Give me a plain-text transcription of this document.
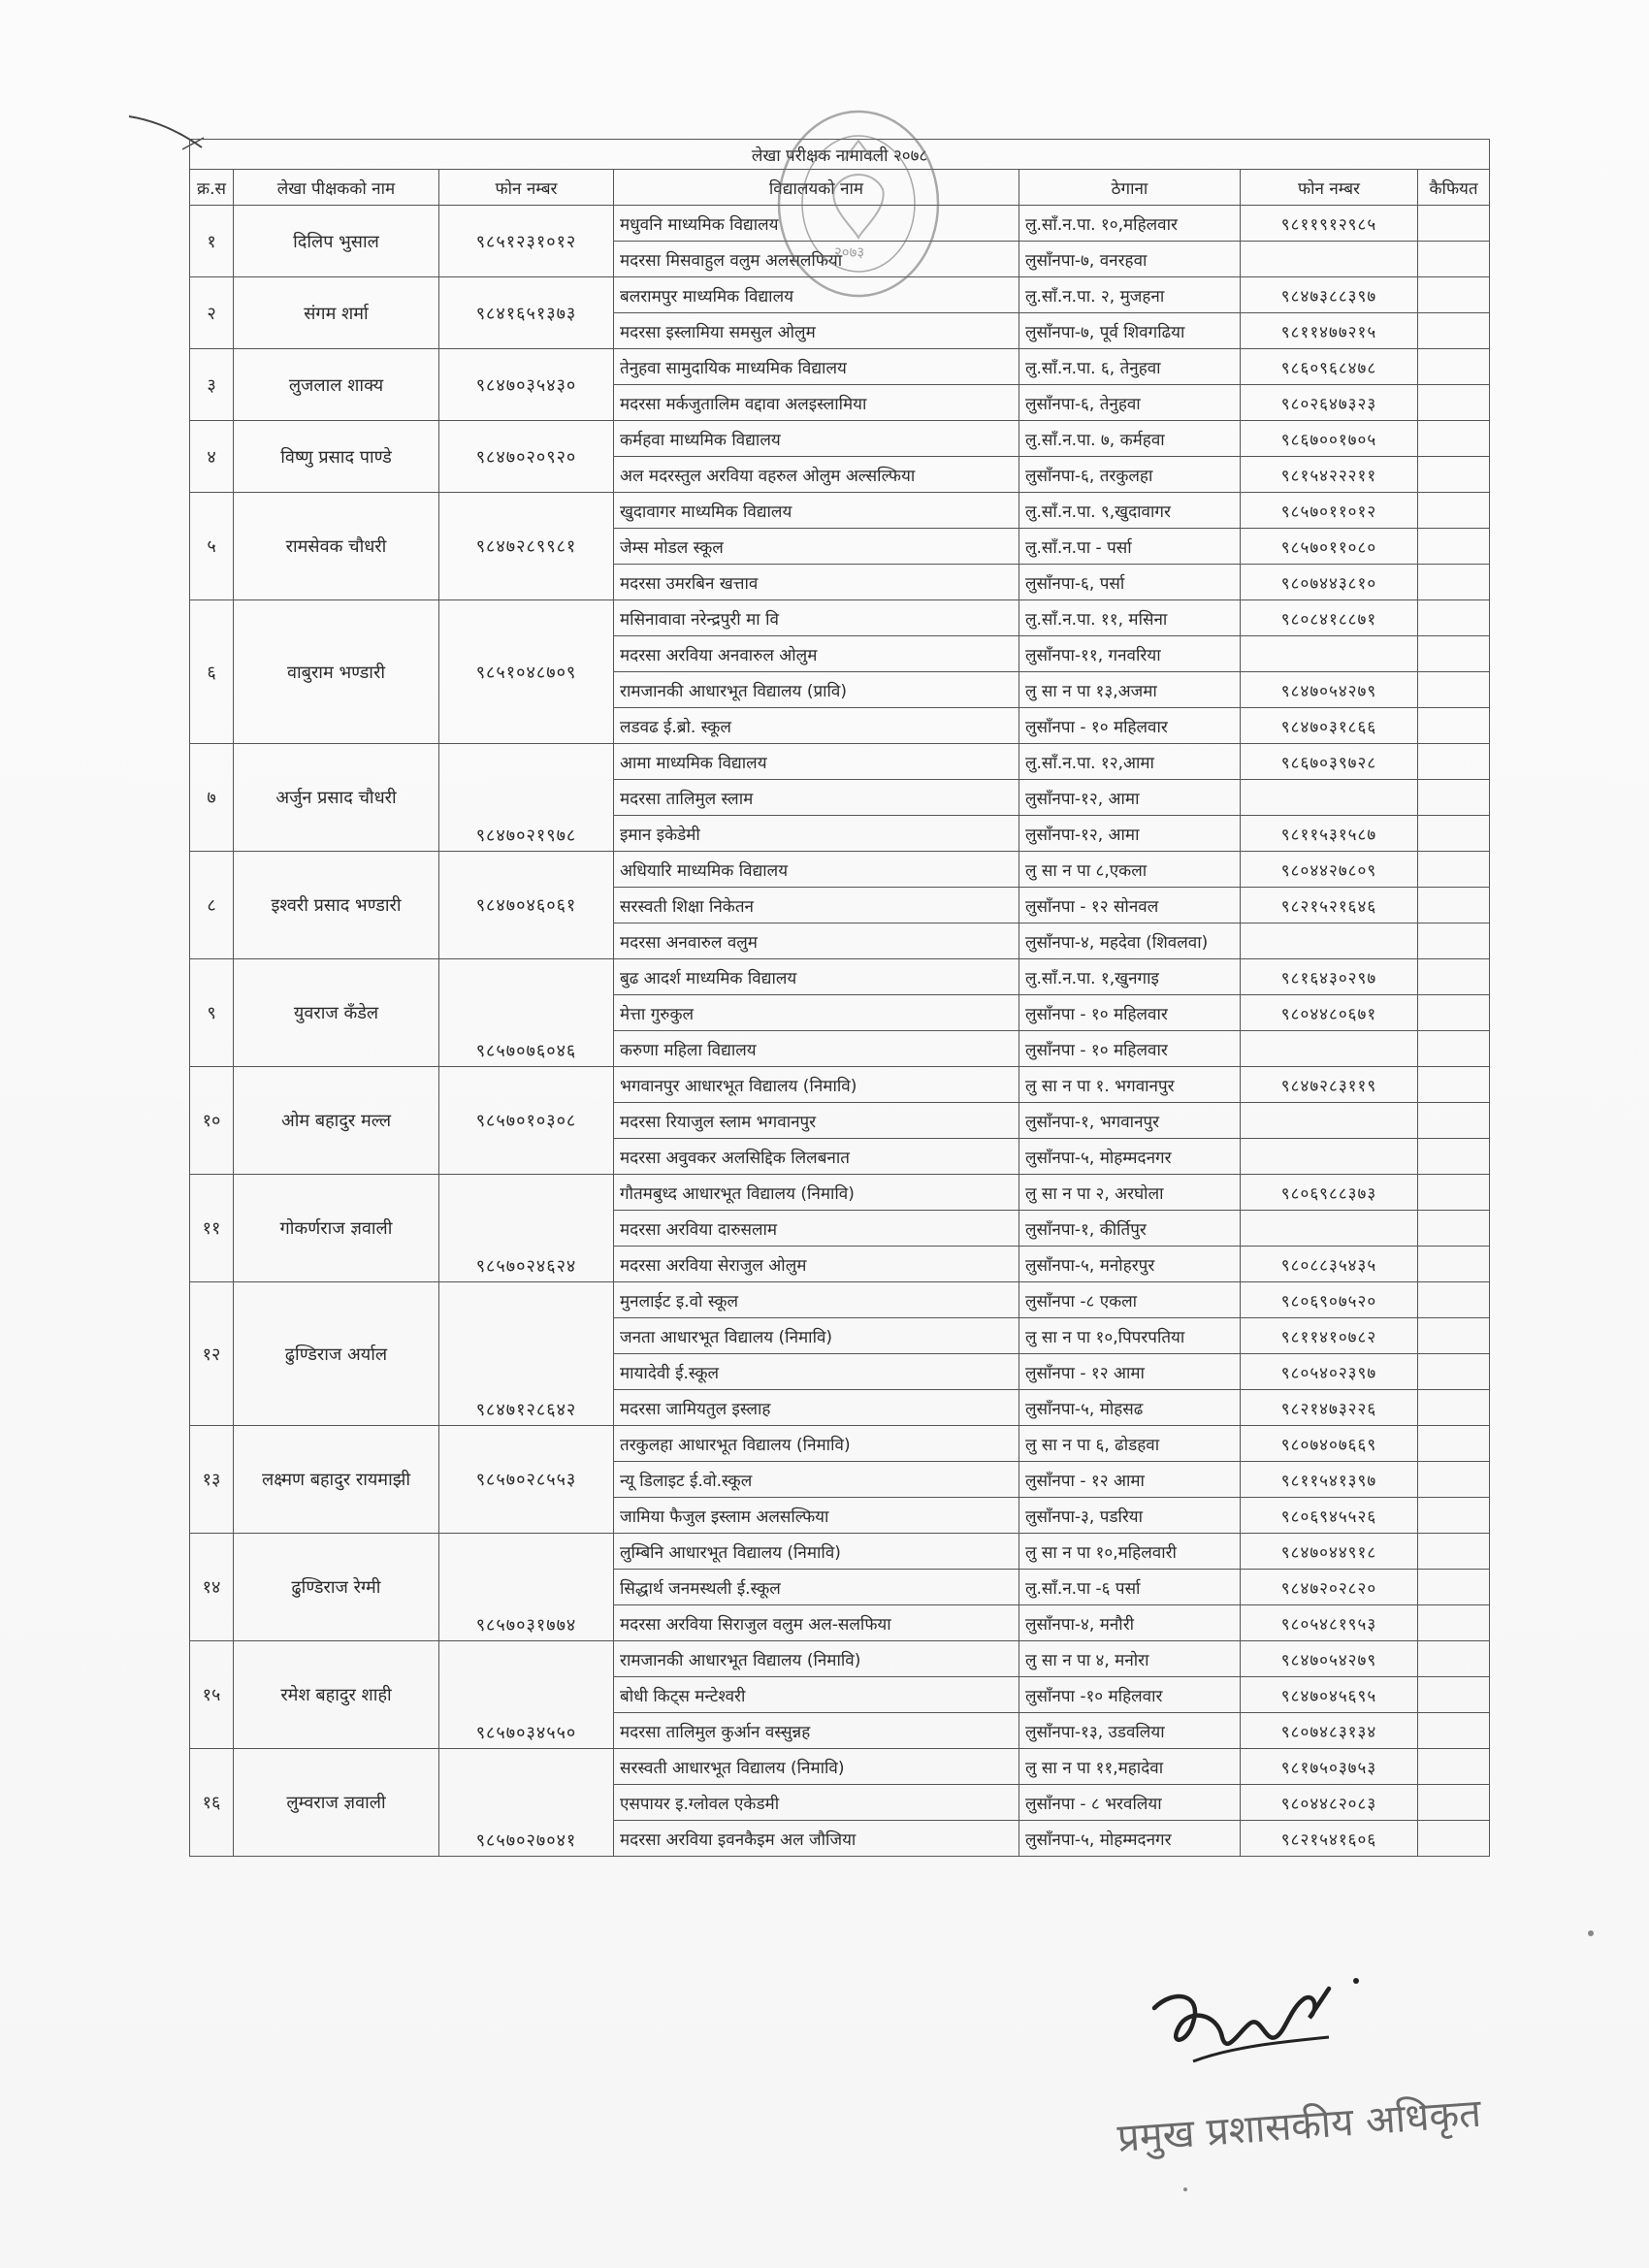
लेखा परीक्षक नामावली २०७८						
क्र.स	लेखा पीक्षकको नाम	फोन नम्बर	विद्यालयको नाम	ठेगाना	फोन नम्बर	कैफियत
१	दिलिप भुसाल	९८५१२३१०१२	मधुवनि माध्यमिक विद्यालय	लु.साँ.न.पा. १०,महिलवार	९८११९१२९८५	
			मदरसा मिसवाहुल वलुम अलसलफिया	लुसाँनपा-७, वनरहवा		
२	संगम शर्मा	९८४१६५१३७३	बलरामपुर माध्यमिक विद्यालय	लु.साँ.न.पा. २, मुजहना	९८४७३८८३९७	
			मदरसा इस्लामिया समसुल ओलुम	लुसाँनपा-७, पूर्व शिवगढिया	९८११४७७२१५	
३	लुजलाल शाक्य	९८४७०३५४३०	तेनुहवा सामुदायिक माध्यमिक विद्यालय	लु.साँ.न.पा. ६, तेनुहवा	९८६०९६८४७८	
			मदरसा मर्कजुतालिम वद्दावा अलइस्लामिया	लुसाँनपा-६, तेनुहवा	९८०२६४७३२३	
४	विष्णु प्रसाद पाण्डे	९८४७०२०९२०	कर्महवा माध्यमिक विद्यालय	लु.साँ.न.पा. ७, कर्महवा	९८६७००१७०५	
			अल मदरस्तुल अरविया वहरुल ओलुम अल्सल्फिया	लुसाँनपा-६, तरकुलहा	९८१५४२२२११	
५	रामसेवक चौधरी	९८४७२८९९८१	खुदावागर माध्यमिक विद्यालय	लु.साँ.न.पा. ९,खुदावागर	९८५७०११०१२	
			जेम्स मोडल स्कूल	लु.साँ.न.पा - पर्सा	९८५७०११०८०	
			मदरसा उमरबिन खत्ताव	लुसाँनपा-६, पर्सा	९८०७४४३८१०	
६	वाबुराम भण्डारी	९८५१०४८७०९	मसिनावावा नरेन्द्रपुरी मा वि	लु.साँ.न.पा. ११, मसिना	९८०८४१८८७१	
			मदरसा अरविया अनवारुल ओलुम	लुसाँनपा-११, गनवरिया		
			रामजानकी आधारभूत विद्यालय (प्रावि)	लु सा न पा १३,अजमा	९८४७०५४२७९	
			लडवढ ई.ब्रो. स्कूल	लुसाँनपा - १० महिलवार	९८४७०३१८६६	
७	अर्जुन प्रसाद चौधरी	९८४७०२१९७८	आमा माध्यमिक विद्यालय	लु.साँ.न.पा. १२,आमा	९८६७०३९७२८	
			मदरसा तालिमुल स्लाम	लुसाँनपा-१२, आमा		
			इमान इकेडेमी	लुसाँनपा-१२, आमा	९८११५३१५८७	
८	इश्वरी प्रसाद भण्डारी	९८४७०४६०६१	अधियारि माध्यमिक विद्यालय	लु सा न पा ८,एकला	९८०४४२७८०९	
			सरस्वती शिक्षा निकेतन	लुसाँनपा - १२ सोनवल	९८२१५२१६४६	
			मदरसा अनवारुल वलुम	लुसाँनपा-४, महदेवा (शिवलवा)		
९	युवराज कँडेल	९८५७०७६०४६	बुढ आदर्श माध्यमिक विद्यालय	लु.साँ.न.पा. १,खुनगाइ	९८१६४३०२९७	
			मेत्ता गुरुकुल	लुसाँनपा - १० महिलवार	९८०४४८०६७१	
			करुणा महिला विद्यालय	लुसाँनपा - १० महिलवार		
१०	ओम बहादुर मल्ल	९८५७०१०३०८	भगवानपुर आधारभूत विद्यालय (निमावि)	लु सा न पा १. भगवानपुर	९८४७२८३११९	
			मदरसा रियाजुल स्लाम भगवानपुर	लुसाँनपा-१, भगवानपुर		
			मदरसा अवुवकर अलसिद्दिक लिलबनात	लुसाँनपा-५, मोहम्मदनगर		
११	गोकर्णराज ज्ञवाली	९८५७०२४६२४	गौतमबुध्द आधारभूत विद्यालय (निमावि)	लु सा न पा २, अरघोला	९८०६९८८३७३	
			मदरसा अरविया दारुसलाम	लुसाँनपा-१, कीर्तिपुर		
			मदरसा अरविया सेराजुल ओलुम	लुसाँनपा-५, मनोहरपुर	९८०८८३५४३५	
१२	ढुण्डिराज अर्याल	९८४७१२८६४२	मुनलाईट इ.वो स्कूल	लुसाँनपा -८ एकला	९८०६९०७५२०	
			जनता आधारभूत विद्यालय (निमावि)	लु सा न पा १०,पिपरपतिया	९८११४१०७८२	
			मायादेवी ई.स्कूल	लुसाँनपा - १२ आमा	९८०५४०२३९७	
			मदरसा जामियतुल इस्लाह	लुसाँनपा-५, मोहसढ	९८२१४७३२२६	
१३	लक्ष्मण बहादुर रायमाझी	९८५७०२८५५३	तरकुलहा आधारभूत विद्यालय (निमावि)	लु सा न पा ६, ढोडहवा	९८०७४०७६६९	
			न्यू डिलाइट ई.वो.स्कूल	लुसाँनपा - १२ आमा	९८११५४१३९७	
			जामिया फैजुल इस्लाम अलसल्फिया	लुसाँनपा-३, पडरिया	९८०६९४५५२६	
१४	ढुण्डिराज रेग्मी	९८५७०३१७७४	लुम्बिनि आधारभूत विद्यालय (निमावि)	लु सा न पा १०,महिलवारी	९८४७०४४९१८	
			सिद्धार्थ जनमस्थली ई.स्कूल	लु.साँ.न.पा -६ पर्सा	९८४७२०२८२०	
			मदरसा अरविया सिराजुल वलुम अल-सलफिया	लुसाँनपा-४, मनौरी	९८०५४८१९५३	
१५	रमेश बहादुर शाही	९८५७०३४५५०	रामजानकी आधारभूत विद्यालय (निमावि)	लु सा न पा ४, मनोरा	९८४७०५४२७९	
			बोधी किट्स मन्टेश्वरी	लुसाँनपा -१० महिलवार	९८४७०४५६९५	
			मदरसा तालिमुल कुर्आन वस्सुन्नह	लुसाँनपा-१३, उडवलिया	९८०७४८३१३४	
१६	लुम्वराज ज्ञवाली	९८५७०२७०४१	सरस्वती आधारभूत विद्यालय (निमावि)	लु सा न पा ११,महादेवा	९८१७५०३७५३	
			एसपायर इ.ग्लोवल एकेडमी	लुसाँनपा - ८ भरवलिया	९८०४४८२०८३	
			मदरसा अरविया इवनकैइम अल जौजिया	लुसाँनपा-५, मोहम्मदनगर	९८२१५४१६०६	
२०७३
प्रमुख प्रशासकीय अधिकृत
